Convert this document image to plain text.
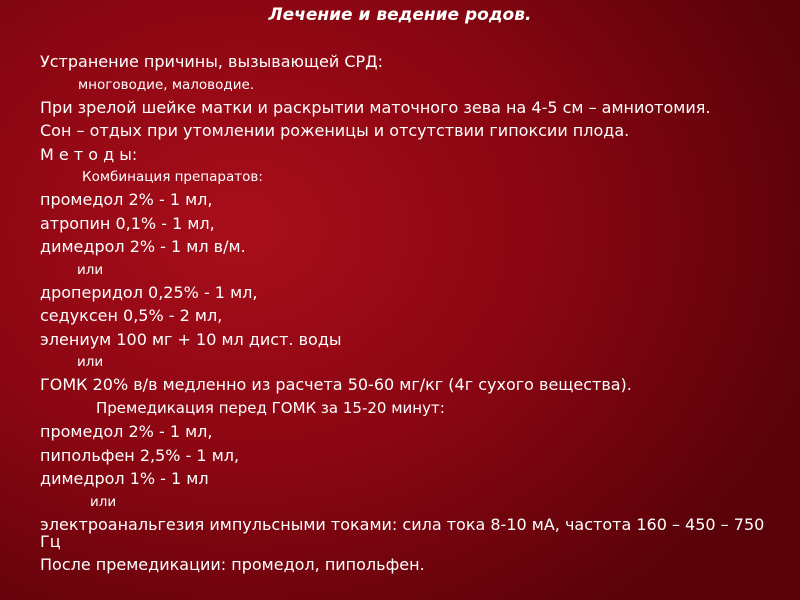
Лечение и ведение родов.
Устранение причины, вызывающей СРД:
многоводие, маловодие.
При зрелой шейке матки и раскрытии маточного зева на 4-5 см – амниотомия.
Сон – отдых при утомлении роженицы и отсутствии гипоксии плода.
М е т о д ы:
Комбинация препаратов:
промедол 2% - 1 мл,
атропин 0,1% - 1 мл,
димедрол 2% - 1 мл в/м.
или
дроперидол 0,25% - 1 мл,
седуксен 0,5% - 2 мл,
элениум 100 мг + 10 мл дист. воды
или
ГОМК 20% в/в медленно из расчета 50-60 мг/кг (4г сухого вещества).
Премедикация перед ГОМК за 15-20 минут:
промедол 2% - 1 мл,
пипольфен 2,5% - 1 мл,
димедрол 1% - 1 мл
или
электроанальгезия импульсными токами: сила тока 8-10 мА, частота 160 – 450 – 750 Гц
После премедикации: промедол, пипольфен.
